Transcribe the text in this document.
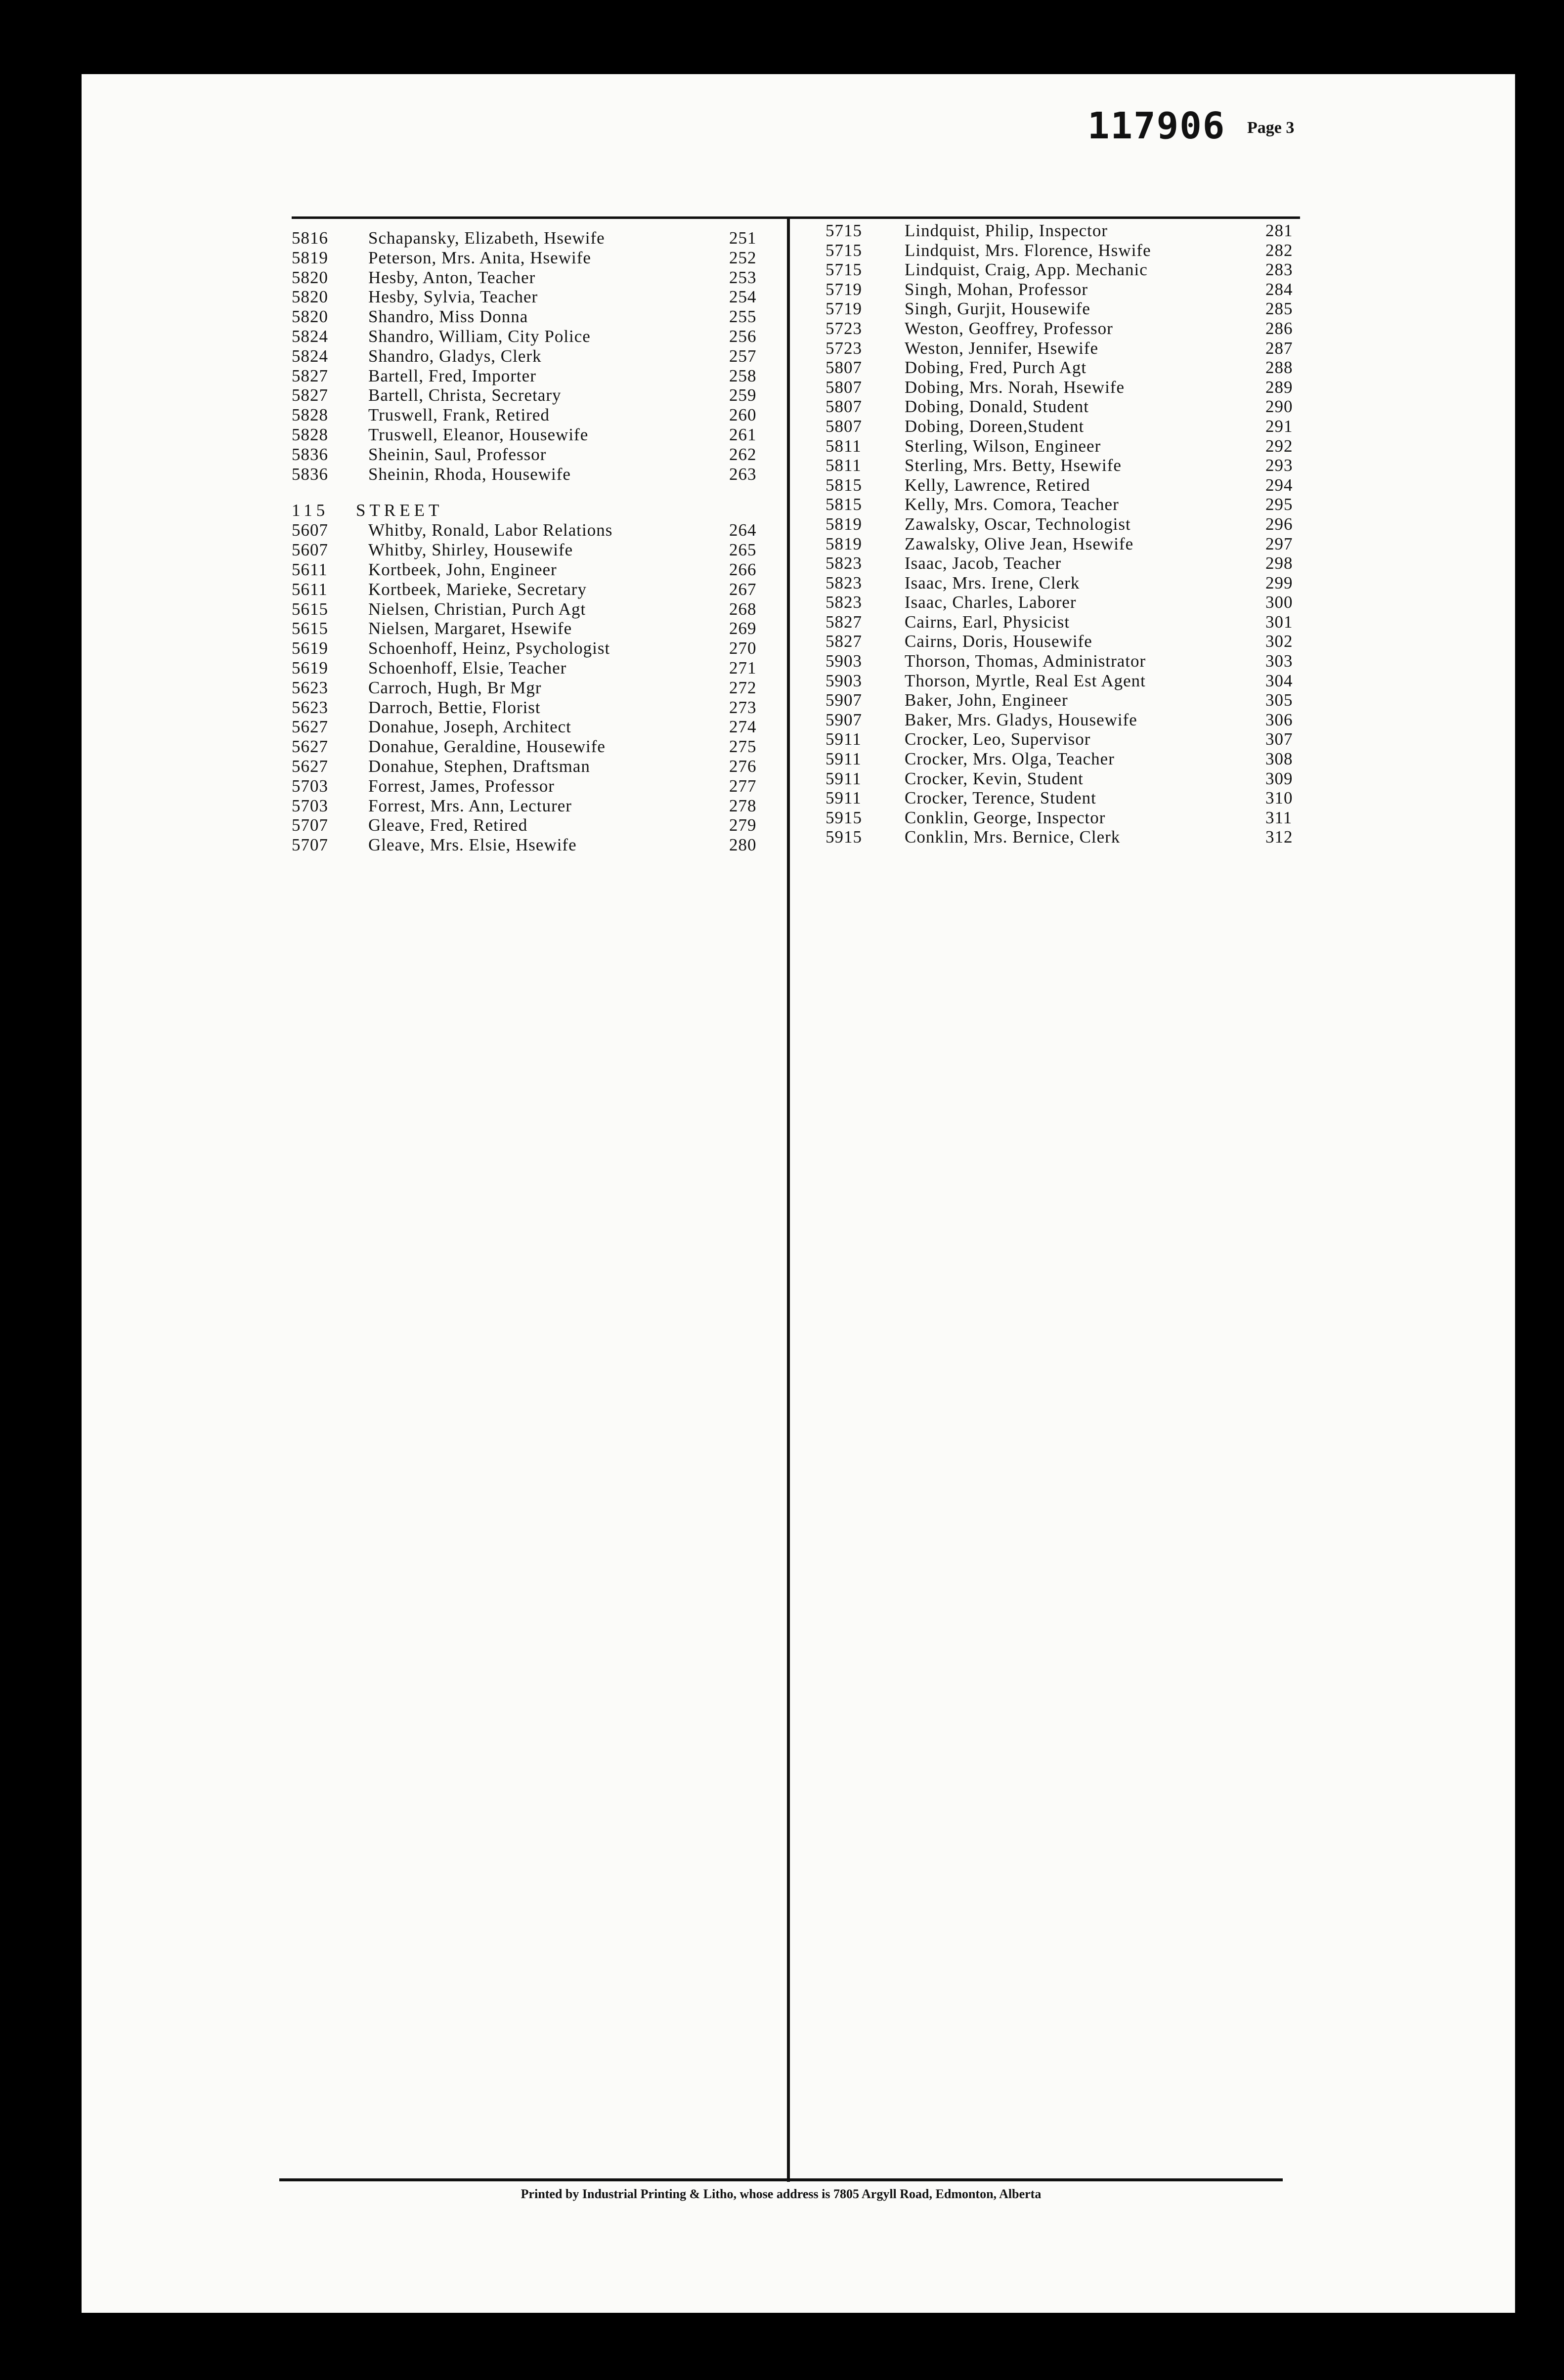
117906 Page 3
5816 Schapansky, Elizabeth, Hsewife	251
5819 Peterson, Mrs. Anita, Hsewife	252
5820 Hesby, Anton, Teacher	253
5820 Hesby, Sylvia, Teacher	254
5820 Shandro, Miss Donna	255
5824 Shandro, William, City Police	256
5824 Shandro, Gladys, Clerk	257
5827 Bartell, Fred, Importer	258
5827 Bartell, Christa, Secretary	259
5828 Truswell, Frank, Retired	260
5828 Truswell, Eleanor, Housewife	261
5836 Sheinin, Saul, Professor	262
5836 Sheinin, Rhoda, Housewife	263
115 STREET
5607 Whitby, Ronald, Labor Relations	264
5607 Whitby, Shirley, Housewife	265
5611 Kortbeek, John, Engineer	266
5611 Kortbeek, Marieke, Secretary	267
5615 Nielsen, Christian, Purch Agt	268
5615 Nielsen, Margaret, Hsewife	269
5619 Schoenhoff, Heinz, Psychologist	270
5619 Schoenhoff, Elsie, Teacher	271
5623 Carroch, Hugh, Br Mgr	272
5623 Darroch, Bettie, Florist	273
5627 Donahue, Joseph, Architect	274
5627 Donahue, Geraldine, Housewife	275
5627 Donahue, Stephen, Draftsman	276
5703 Forrest, James, Professor	277
5703 Forrest, Mrs. Ann, Lecturer	278
5707 Gleave, Fred, Retired	279
5707 Gleave, Mrs. Elsie, Hsewife	280
5715 Lindquist, Philip, Inspector	281
5715 Lindquist, Mrs. Florence, Hswife	282
5715 Lindquist, Craig, App. Mechanic	283
5719 Singh, Mohan, Professor	284
5719 Singh, Gurjit, Housewife	285
5723 Weston, Geoffrey, Professor	286
5723 Weston, Jennifer, Hsewife	287
5807 Dobing, Fred, Purch Agt	288
5807 Dobing, Mrs. Norah, Hsewife	289
5807 Dobing, Donald, Student	290
5807 Dobing, Doreen,Student	291
5811 Sterling, Wilson, Engineer	292
5811 Sterling, Mrs. Betty, Hsewife	293
5815 Kelly, Lawrence, Retired	294
5815 Kelly, Mrs. Comora, Teacher	295
5819 Zawalsky, Oscar, Technologist	296
5819 Zawalsky, Olive Jean, Hsewife	297
5823 Isaac, Jacob, Teacher	298
5823 Isaac, Mrs. Irene, Clerk	299
5823 Isaac, Charles, Laborer	300
5827 Cairns, Earl, Physicist	301
5827 Cairns, Doris, Housewife	302
5903 Thorson, Thomas, Administrator	303
5903 Thorson, Myrtle, Real Est Agent	304
5907 Baker, John, Engineer	305
5907 Baker, Mrs. Gladys, Housewife	306
5911 Crocker, Leo, Supervisor	307
5911 Crocker, Mrs. Olga, Teacher	308
5911 Crocker, Kevin, Student	309
5911 Crocker, Terence, Student	310
5915 Conklin, George, Inspector	311
5915 Conklin, Mrs. Bernice, Clerk	312
Printed by Industrial Printing & Litho, whose address is 7805 Argyll Road, Edmonton, Alberta
